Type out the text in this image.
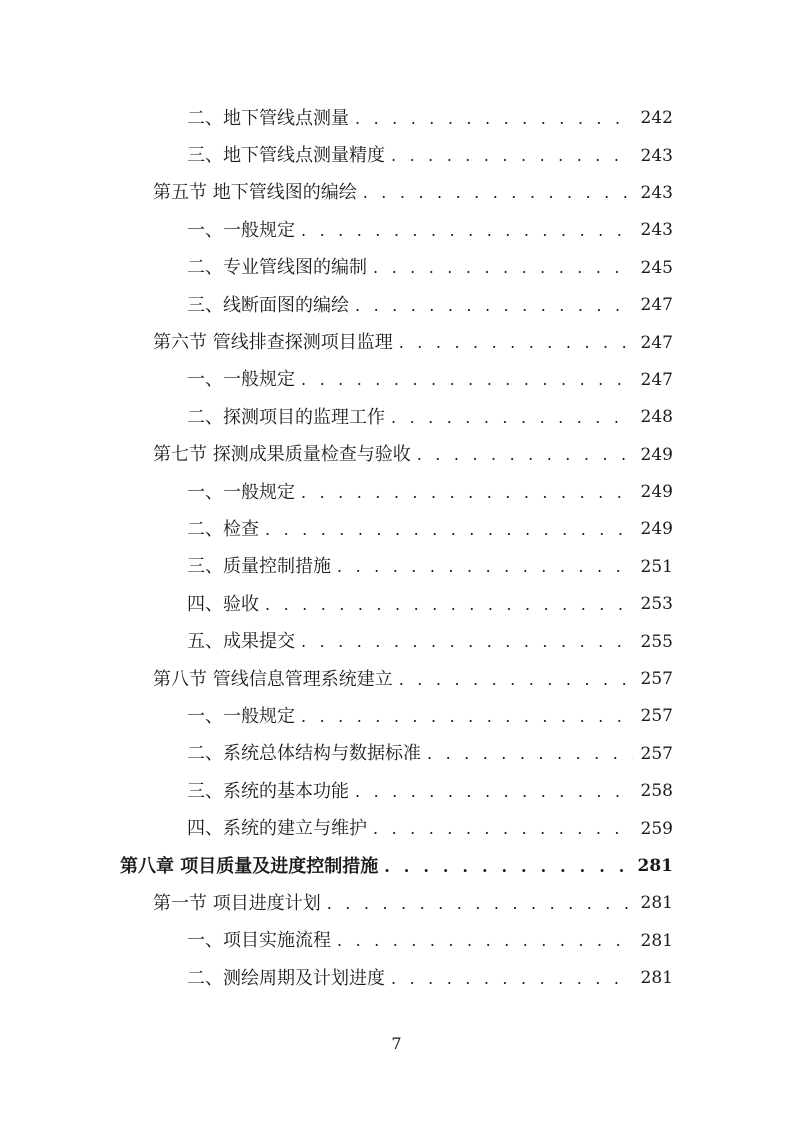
二、地下管线点测量 . . .	242
三、地下管线点测量精度 . . .	243
第五节 地下管线图的编绘 . . .	243
一、一般规定 . . .	243
二、专业管线图的编制 . . .	245
三、线断面图的编绘 . . .	247
第六节 管线排查探测项目监理 . . .	247
一、一般规定 . . .	247
二、探测项目的监理工作 . . .	248
第七节 探测成果质量检查与验收 . . .	249
一、一般规定 . . .	249
二、检查 . . .	249
三、质量控制措施 . . .	251
四、验收 . . .	253
五、成果提交 . . .	255
第八节 管线信息管理系统建立 . . .	257
一、一般规定 . . .	257
二、系统总体结构与数据标准 . . .	257
三、系统的基本功能 . . .	258
四、系统的建立与维护 . . .	259
第八章 项目质量及进度控制措施 . . .	281
第一节 项目进度计划 . . .	281
一、项目实施流程 . . .	281
二、测绘周期及计划进度 . . .	281
7
